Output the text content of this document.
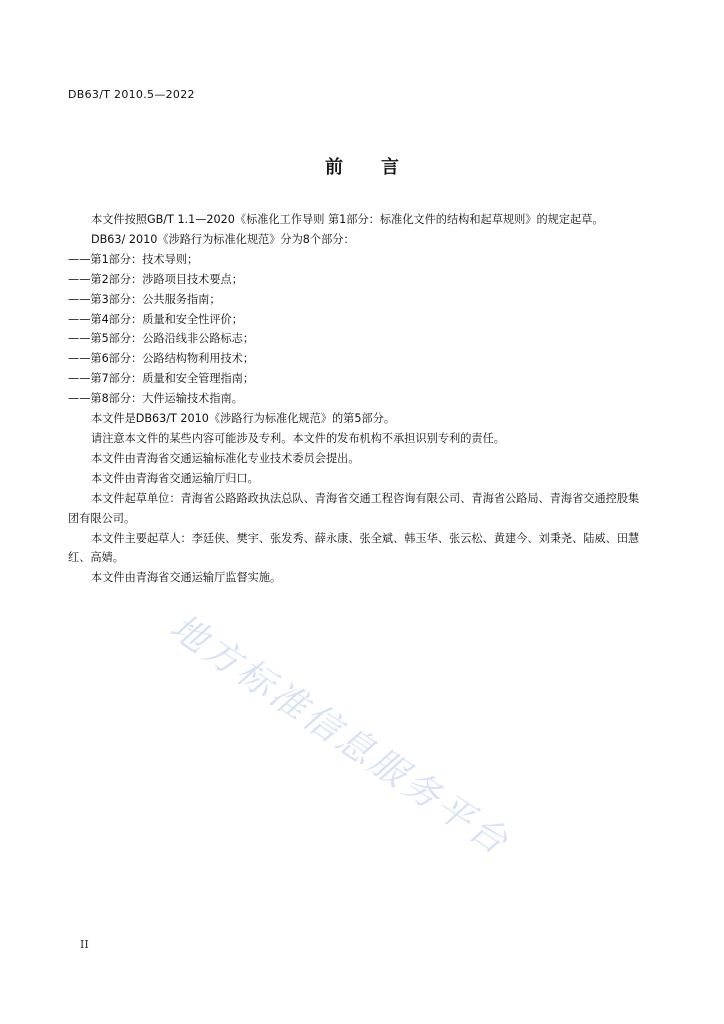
DB63/T 2010.5—2022
前言

本文件按照GB/T 1.1—2020《标准化工作导则 第1部分：标准化文件的结构和起草规则》的规定起草。

DB63/ 2010《涉路行为标准化规范》分为8个部分：

——第1部分：技术导则；

——第2部分：涉路项目技术要点；

——第3部分：公共服务指南；

——第4部分：质量和安全性评价；

——第5部分：公路沿线非公路标志；

——第6部分：公路结构物利用技术；

——第7部分：质量和安全管理指南；

——第8部分：大件运输技术指南。

本文件是DB63/T 2010《涉路行为标准化规范》的第5部分。

请注意本文件的某些内容可能涉及专利。本文件的发布机构不承担识别专利的责任。

本文件由青海省交通运输标准化专业技术委员会提出。

本文件由青海省交通运输厅归口。

本文件起草单位：青海省公路路政执法总队、青海省交通工程咨询有限公司、青海省公路局、青海省交通控股集团有限公司。

本文件主要起草人：李廷侠、樊宇、张发秀、薛永康、张全斌、韩玉华、张云松、黄建今、刘秉尧、陆威、田慧红、高婧。

本文件由青海省交通运输厅监督实施。

地方标准信息服务平台
II
